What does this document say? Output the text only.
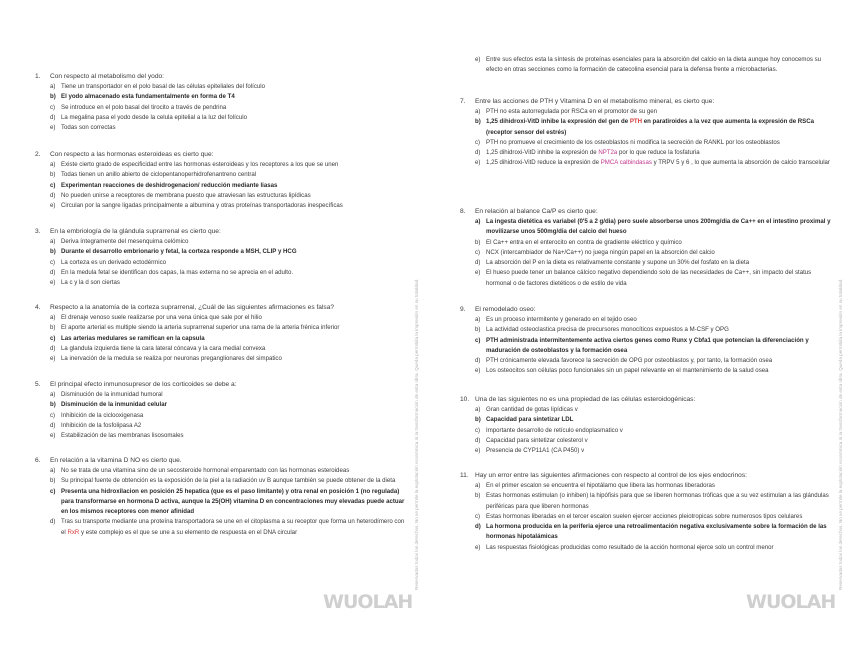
1. Con respecto al metabolismo del yodo:
a) Tiene un transportador en el polo basal de las células epiteliales del folículo
b) El yodo almacenado esta fundamentalmente en forma de T4
c) Se introduce en el polo basal del tirocito a través de pendrina
d) La megalina pasa el yodo desde la celula epitelial a la luz del folículo
e) Todas son correctas
2. Con respecto a las hormonas esteroideas es cierto que:
a) Existe cierto grado de especificidad entre las hormonas esteroideas y los receptores a los que se unen
b) Todas tienen un anillo abierto de ciclopentanoperhidrofenantreno central
c) Experimentan reacciones de deshidrogenacion/ reducción mediante liasas
d) No pueden unirse a receptores de membrana puesto que atraviesan las estructuras lipídicas
e) Circulan por la sangre ligadas principalmente a albumina y otras proteínas transportadoras inespecíficas
3. En la embriología de la glándula suprarrenal es cierto que:
a) Deriva íntegramente del mesenquima celómico
b) Durante el desarrollo embrionario y fetal, la corteza responde a MSH, CLIP y HCG
c) La corteza es un derivado ectodérmico
d) En la medula fetal se identifican dos capas, la mas externa no se aprecia en el adulto.
e) La c y la d son ciertas
4. Respecto a la anatomía de la corteza suprarrenal, ¿Cuál de las siguientes afirmaciones es falsa?
a) El drenaje venoso suele realizarse por una vena única que sale por el hilio
b) El aporte arterial es multiple siendo la arteria suprarrenal superior una rama de la arteria frénica inferior
c) Las arterias medulares se ramifican en la capsula
d) La glandula izquierda tiene la cara lateral cóncava y la cara medial convexa
e) La inervación de la medula se realiza por neuronas preganglionares del simpatico
5. El principal efecto inmunosupresor de los corticoides se debe a:
a) Disminución de la inmunidad humoral
b) Disminución de la inmunidad celular
c) Inhibición de la ciclooxigenasa
d) Inhibición de la fosfolipasa A2
e) Estabilización de las membranas lisosomales
6. En relación a la vitamina D NO es cierto que.
a) No se trata de una vitamina sino de un secosteroide hormonal emparentado con las hormonas esteroideas
b) Su principal fuente de obtención es la exposición de la piel a la radiación uv B aunque también se puede obtener de la dieta
c) Presenta una hidroxilacion en posición 25 hepatica (que es el paso limitante) y otra renal en posición 1 (no regulada) para transformarse en hormona D activa, aunque la 25(OH) vitamina D en concentraciones muy elevadas puede actuar en los mismos receptores con menor afinidad
d) Tras su transporte mediante una proteína transportadora se une en el citoplasma a su receptor que forma un heterodímero con el RxR y este complejo es el que se une a su elemento de respuesta en el DNA circular
e) Entre sus efectos esta la síntesis de proteínas esenciales para la absorción del calcio en la dieta aunque hoy conocemos su efecto en otras secciones como la formación de catecolina esencial para la defensa frente a microbacterias.
7. Entre las acciones de PTH y Vitamina D en el metabolismo mineral, es cierto que:
a) PTH no esta autorregulada por RSCa en el promotor de su gen
b) 1,25 dihidroxi-VitD inhibe la expresión del gen de PTH en paratiroides a la vez que aumenta la expresión de RSCa (receptor sensor del estrés)
c) PTH no promueve el crecimiento de los osteoblastos ni modifica la secreción de RANKL por los osteoblastos
d) 1,25 dihidroxi-VitD inhibe la expresión de NPT2a por lo que reduce la fosfaturia
e) 1,25 dihidroxi-VitD reduce la expresión de PMCA calbindasas y TRPV 5 y 6 , lo que aumenta la absorción de calcio transcelular
8. En relación al balance Ca/P es cierto que:
a) La ingesta dietética es variabel (0'5 a 2 g/dia) pero suele absorberse unos 200mg/dia de Ca++ en el intestino proximal y movilizarse unos 500mg/dia del calcio del hueso
b) El Ca++ entra en el enterocito en contra de gradiente eléctrico y químico
c) NCX (intercambiador de Na+/Ca++) no juega ningún papel en la absorción del calcio
d) La absorción del P en la dieta es relativamente constante y supone un 30% del fosfato en la dieta
e) El hueso puede tener un balance cálcico negativo dependiendo solo de las necesidades de Ca++, sin impacto del status hormonal o de factores dietéticos o de estilo de vida
9. El remodelado oseo:
a) Es un proceso intermitente y generado en el tejido oseo
b) La actividad osteoclastica precisa de precursores monocíticos expuestos a M-CSF y OPG
c) PTH administrada intermitentemente activa ciertos genes como Runx y Cbfa1 que potencian la diferenciación y maduración de osteoblastos y la formación osea
d) PTH crónicamente elevada favorece la secreción de OPG por osteoblastos y, por tanto, la formación osea
e) Los osteocitos son células poco funcionales sin un papel relevante en el mantenimiento de la salud osea
10. Una de las siguientes no es una propiedad de las células esteroidogénicas:
a) Gran cantidad de gotas lipídicas v
b) Capacidad para sintetizar LDL
c) Importante desarrollo de retículo endoplasmatico v
d) Capacidad para sintetizar colesterol v
e) Presencia de CYP11A1 (CA P450) v
11. Hay un error entre las siguientes afirmaciones con respecto al control de los ejes endocrinos:
a) En el primer escalon se encuentra el hipotálamo que libera las hormonas liberadoras
b) Estas hormonas estimulan (o inhiben) la hipófisis para que se liberen hormonas tróficas que a su vez estimulan a las glándulas periféricas para que liberen hormonas
c) Estas hormonas liberadas en el tercer escalon suelen ejercer acciones pleiotropicas sobre numerosos tipos celulares
d) La hormona producida en la periferia ejerce una retroalimentación negativa exclusivamente sobre la formación de las hormonas hipotalámicas
e) Las respuestas fisiológicas producidas como resultado de la acción hormonal ejerce solo un control menor
Reservados todos los derechos. No se permite la explotación económica ni la transformación de esta obra. Queda permitida la impresión en su totalidad.	Reservados todos los derechos. No se permite la explotación económica ni la transformación de esta obra. Queda permitida la impresión en su totalidad.
WUOLAH	WUOLAH
